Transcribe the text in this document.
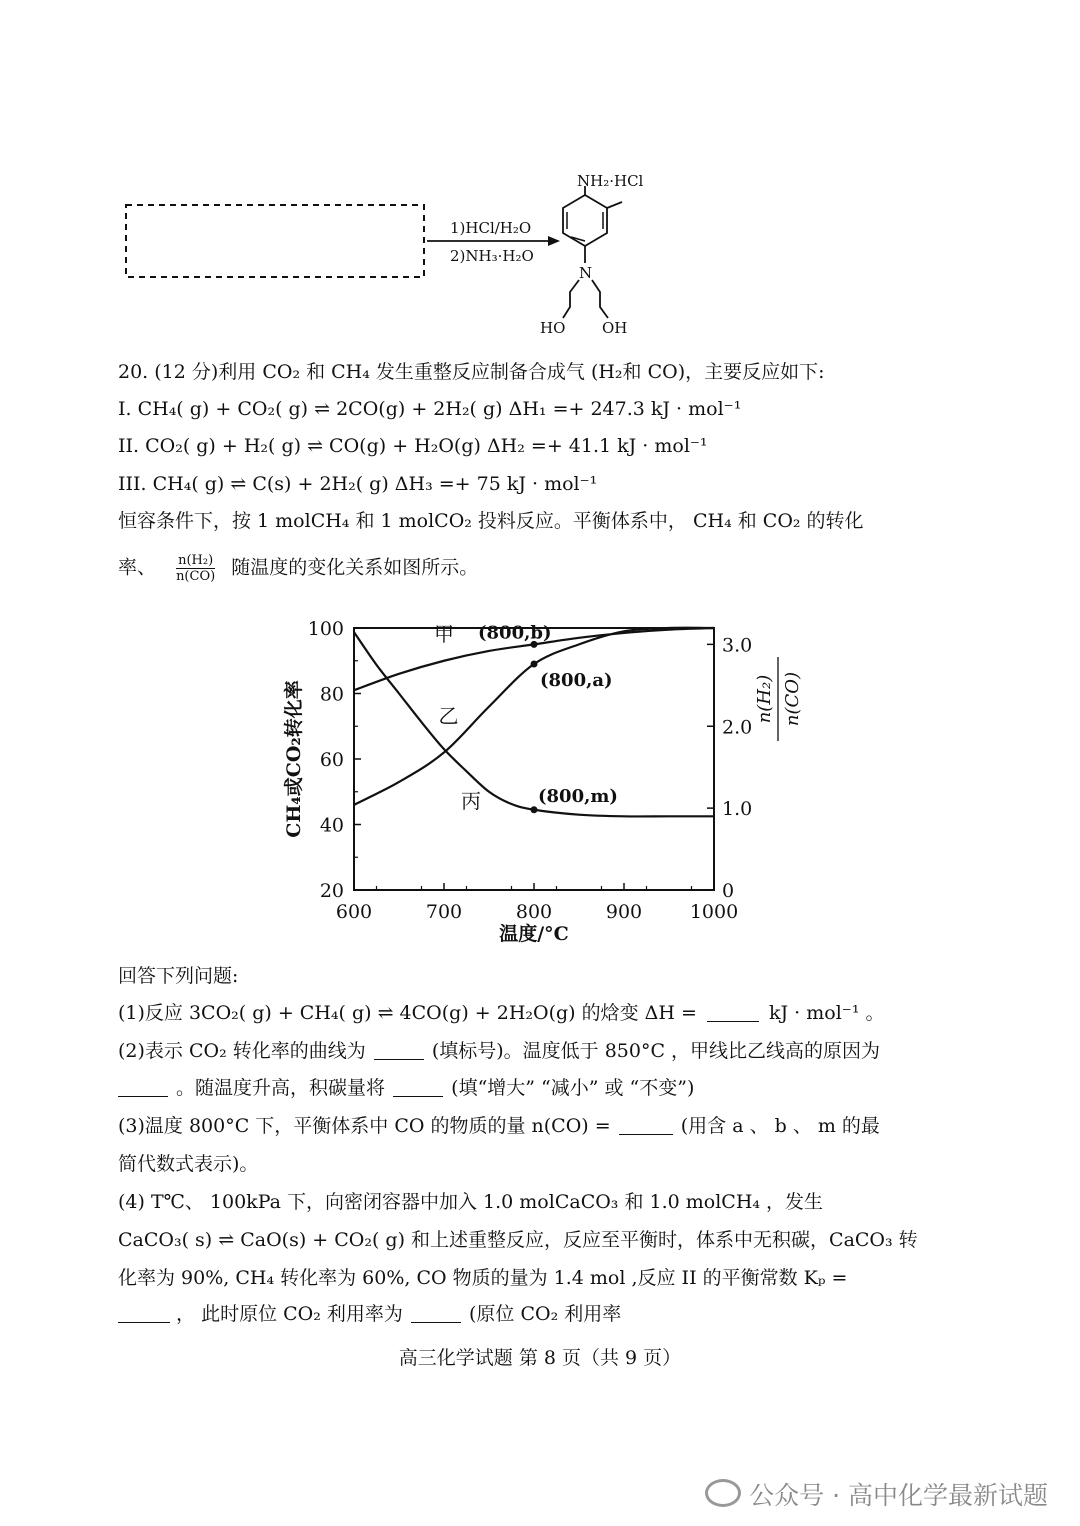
1)HCl/H₂O
2)NH₃·H₂O
NH₂·HCl
N
HO OH
20. (12 分)利用 CO₂ 和 CH₄ 发生重整反应制备合成气 (H₂和 CO)，主要反应如下:
I. CH₄( g) + CO₂( g) ⇌ 2CO(g) + 2H₂( g) ΔH₁ =+ 247.3 kJ · mol⁻¹
II. CO₂( g) + H₂( g) ⇌ CO(g) + H₂O(g) ΔH₂ =+ 41.1 kJ · mol⁻¹
III. CH₄( g) ⇌ C(s) + 2H₂( g) ΔH₃ =+ 75 kJ · mol⁻¹
恒容条件下，按 1 molCH₄ 和 1 molCO₂ 投料反应。平衡体系中， CH₄ 和 CO₂ 的转化
率、 $\frac{\text{n(H₂)}}{n(CO)}$ 随温度的变化关系如图所示。
600	700	800	900	1000
20
40
60
80
100
0
1.0
2.0
3.0
温度/°C
CH₄或CO₂转化率	n(H₂) n(CO)
甲
乙
丙
(800,b)
(800,a)
(800,m)
回答下列问题:
(1)反应 3CO₂( g) + CH₄( g) ⇌ 4CO(g) + 2H₂O(g) 的焓变 ΔH =	kJ · mol⁻¹ 。
(2)表示 CO₂ 转化率的曲线为	(填标号)。温度低于 850°C ，甲线比乙线高的原因为
。随温度升高，积碳量将	(填“增大” “减小” 或 “不变”)
(3)温度 800°C 下，平衡体系中 CO 的物质的量 n(CO) =	(用含 a 、 b 、 m 的最
简代数式表示)。
(4) T℃、 100kPa 下，向密闭容器中加入 1.0 molCaCO₃ 和 1.0 molCH₄ ，发生
CaCO₃( s) ⇌ CaO(s) + CO₂( g) 和上述重整反应，反应至平衡时，体系中无积碳，CaCO₃ 转
化率为 90%, CH₄ 转化率为 60%, CO 物质的量为 1.4 mol ,反应 II 的平衡常数 Kₚ =
， 此时原位 CO₂ 利用率为	(原位 CO₂ 利用率
高三化学试题 第 8 页（共 9 页）
公众号 · 高中化学最新试题
